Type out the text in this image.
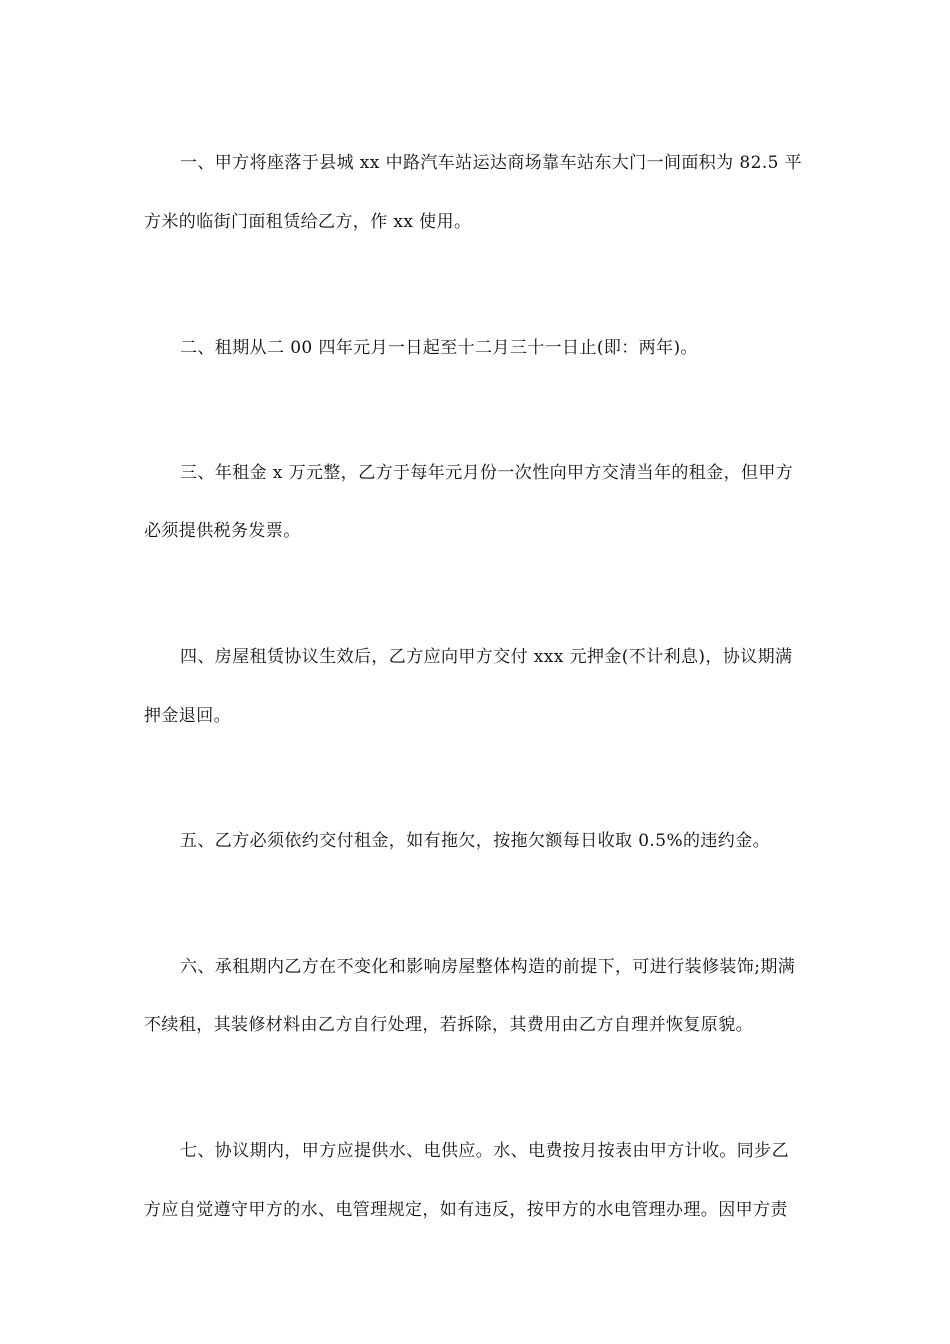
一、甲方将座落于县城 xx 中路汽车站运达商场靠车站东大门一间面积为 82.5 平
方米的临街门面租赁给乙方，作 xx 使用。
二、租期从二 00 四年元月一日起至十二月三十一日止(即：两年)。
三、年租金 x 万元整，乙方于每年元月份一次性向甲方交清当年的租金，但甲方
必须提供税务发票。
四、房屋租赁协议生效后，乙方应向甲方交付 xxx 元押金(不计利息)，协议期满
押金退回。
五、乙方必须依约交付租金，如有拖欠，按拖欠额每日收取 0.5%的违约金。
六、承租期内乙方在不变化和影响房屋整体构造的前提下，可进行装修装饰;期满
不续租，其装修材料由乙方自行处理，若拆除，其费用由乙方自理并恢复原貌。
七、协议期内，甲方应提供水、电供应。水、电费按月按表由甲方计收。同步乙
方应自觉遵守甲方的水、电管理规定，如有违反，按甲方的水电管理办理。因甲方责
